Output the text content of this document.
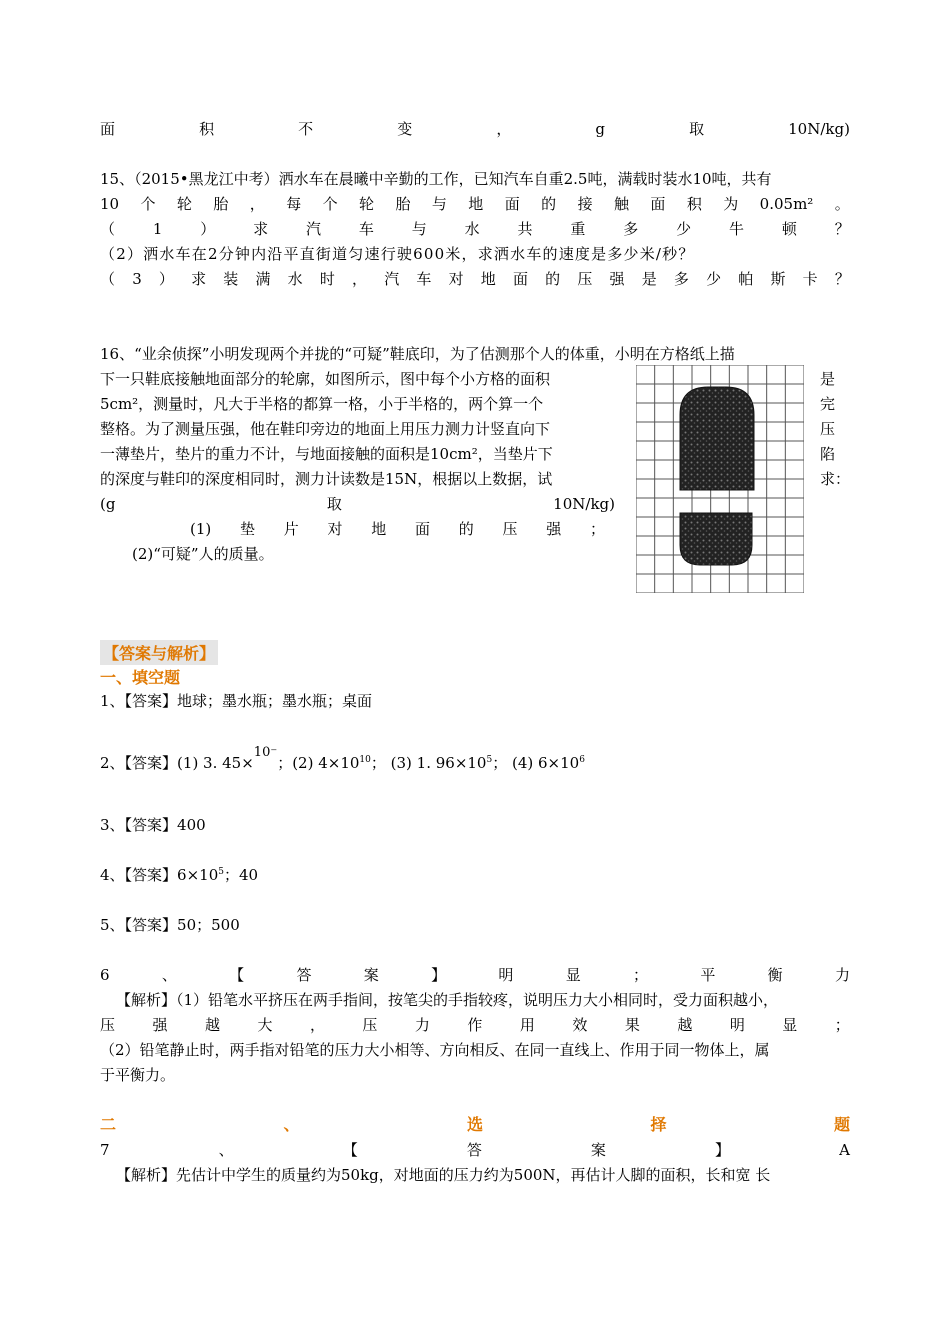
面	积	不	变	，	g	取	10N/kg)
15、（2015•黑龙江中考）洒水车在晨曦中辛勤的工作，已知汽车自重2.5吨，满载时装水10吨，共有
10 个 轮 胎 ， 每 个 轮 胎 与 地 面 的 接 触 面 积 为 0.05m² 。
（	1	）	求	汽	车	与	水	共	重	多	少	牛	顿	？
（2）洒水车在2分钟内沿平直街道匀速行驶600米，求洒水车的速度是多少米/秒？
（ 3 ） 求 装 满 水 时 ， 汽 车 对 地 面 的 压 强 是 多 少 帕 斯 卡 ？
16、“业余侦探”小明发现两个并拢的“可疑”鞋底印，为了估测那个人的体重，小明在方格纸上描
下一只鞋底接触地面部分的轮廓，如图所示，图中每个小方格的面积	是
5cm²，测量时，凡大于半格的都算一格，小于半格的，两个算一个	完
整格。为了测量压强，他在鞋印旁边的地面上用压力测力计竖直向下	压
一薄垫片，垫片的重力不计，与地面接触的面积是10cm²，当垫片下	陷
的深度与鞋印的深度相同时，测力计读数是15N，根据以上数据，试	求：
(g	取	10N/kg)
(1) 垫 片 对 地 面 的 压 强 ；
(2)“可疑”人的质量。
【答案与解析】
一、填空题
1、【答案】地球；墨水瓶；墨水瓶；桌面
2、【答案】(1) 3. 45×10⁻；(2) $4\times 10^{10}$； (3) 1. $96\times 10^5$； (4) $6\times 10^6$
3、【答案】400
4、【答案】$6\times 10^5$；40
5、【答案】50；500
6	、	【	答	案	】	明	显	；	平	衡	力
【解析】（1）铅笔水平挤压在两手指间，按笔尖的手指较疼，说明压力大小相同时，受力面积越小，
压 强 越 大 ， 压 力 作 用 效 果 越 明 显 ；
（2）铅笔静止时，两手指对铅笔的压力大小相等、方向相反、在同一直线上、作用于同一物体上，属
于平衡力。
二	、	选	择	题
7	、	【	答	案	】	A
【解析】先估计中学生的质量约为50kg，对地面的压力约为500N，再估计人脚的面积，长和宽 长
